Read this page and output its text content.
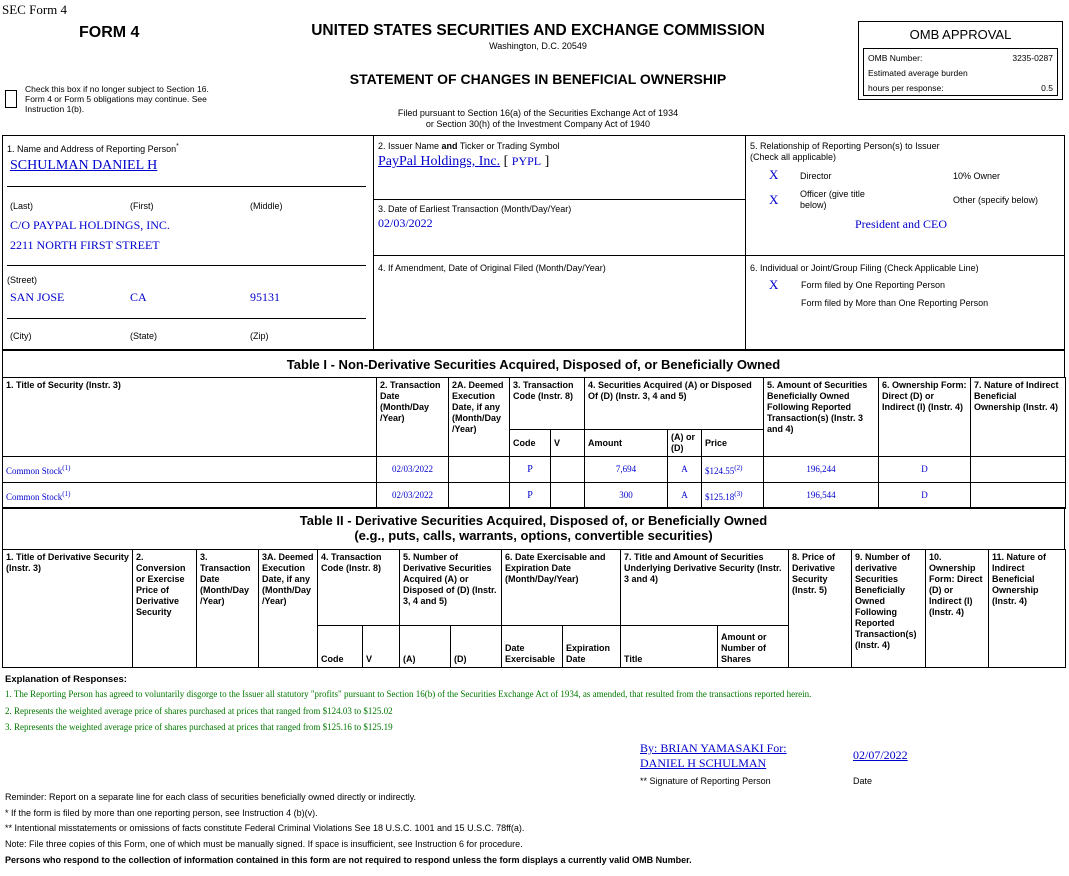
SEC Form 4
FORM 4
Check this box if no longer subject to Section 16. Form 4 or Form 5 obligations may continue. See Instruction 1(b).
UNITED STATES SECURITIES AND EXCHANGE COMMISSION
Washington, D.C. 20549
STATEMENT OF CHANGES IN BENEFICIAL OWNERSHIP
Filed pursuant to Section 16(a) of the Securities Exchange Act of 1934
or Section 30(h) of the Investment Company Act of 1940
OMB APPROVAL
OMB Number:	3235-0287
Estimated average burden
hours per response:	0.5
1. Name and Address of Reporting Person*
SCHULMAN DANIEL H
(Last)	(First)	(Middle)
C/O PAYPAL HOLDINGS, INC.
2211 NORTH FIRST STREET
(Street)
SAN JOSE	CA	95131
(City)	(State)	(Zip)
2. Issuer Name and Ticker or Trading Symbol
PayPal Holdings, Inc. [ PYPL ]
3. Date of Earliest Transaction (Month/Day/Year)
02/03/2022
4. If Amendment, Date of Original Filed (Month/Day/Year)
5. Relationship of Reporting Person(s) to Issuer
(Check all applicable)
X Director	10% Owner
X Officer (give title
below)	Other (specify below)
President and CEO
6. Individual or Joint/Group Filing (Check Applicable Line)
X	Form filed by One Reporting Person
Form filed by More than One Reporting Person
Table I - Non-Derivative Securities Acquired, Disposed of, or Beneficially Owned
1. Title of Security (Instr. 3)	2. Transaction Date (Month/Day /Year)	2A. Deemed Execution Date, if any (Month/Day /Year)	3. Transaction Code (Instr. 8)		4. Securities Acquired (A) or Disposed Of (D) (Instr. 3, 4 and 5)			5. Amount of Securities Beneficially Owned Following Reported Transaction(s) (Instr. 3 and 4)	6. Ownership Form: Direct (D) or Indirect (I) (Instr. 4)	7. Nature of Indirect Beneficial Ownership (Instr. 4)
			Code	V	Amount	(A) or (D)	Price			
Common Stock$^{(1)}$	02/03/2022		P		7,694	A	$124.55$^{(2)}$	196,244	D	
Common Stock$^{(1)}$	02/03/2022		P		300	A	$125.18$^{(3)}$	196,544	D	
Table II - Derivative Securities Acquired, Disposed of, or Beneficially Owned
(e.g., puts, calls, warrants, options, convertible securities)
1. Title of Derivative Security (Instr. 3)	2. Conversion or Exercise Price of Derivative Security	3. Transaction Date (Month/Day /Year)	3A. Deemed Execution Date, if any (Month/Day /Year)	4. Transaction Code (Instr. 8)		5. Number of Derivative Securities Acquired (A) or Disposed of (D) (Instr. 3, 4 and 5)		6. Date Exercisable and Expiration Date (Month/Day/Year)		7. Title and Amount of Securities Underlying Derivative Security (Instr. 3 and 4)		8. Price of Derivative Security (Instr. 5)	9. Number of derivative Securities Beneficially Owned Following Reported Transaction(s) (Instr. 4)	10. Ownership Form: Direct (D) or Indirect (I) (Instr. 4)	11. Nature of Indirect Beneficial Ownership (Instr. 4)
				Code	V	(A)	(D)	Date Exercisable	Expiration Date	Title	Amount or Number of Shares				
Explanation of Responses:
1. The Reporting Person has agreed to voluntarily disgorge to the Issuer all statutory "profits" pursuant to Section 16(b) of the Securities Exchange Act of 1934, as amended, that resulted from the transactions reported herein.
2. Represents the weighted average price of shares purchased at prices that ranged from $124.03 to $125.02
3. Represents the weighted average price of shares purchased at prices that ranged from $125.16 to $125.19
By: BRIAN YAMASAKI For:
DANIEL H SCHULMAN
** Signature of Reporting Person
02/07/2022
Date
Reminder: Report on a separate line for each class of securities beneficially owned directly or indirectly.
* If the form is filed by more than one reporting person, see Instruction 4 (b)(v).
** Intentional misstatements or omissions of facts constitute Federal Criminal Violations See 18 U.S.C. 1001 and 15 U.S.C. 78ff(a).
Note: File three copies of this Form, one of which must be manually signed. If space is insufficient, see Instruction 6 for procedure.
Persons who respond to the collection of information contained in this form are not required to respond unless the form displays a currently valid OMB Number.
